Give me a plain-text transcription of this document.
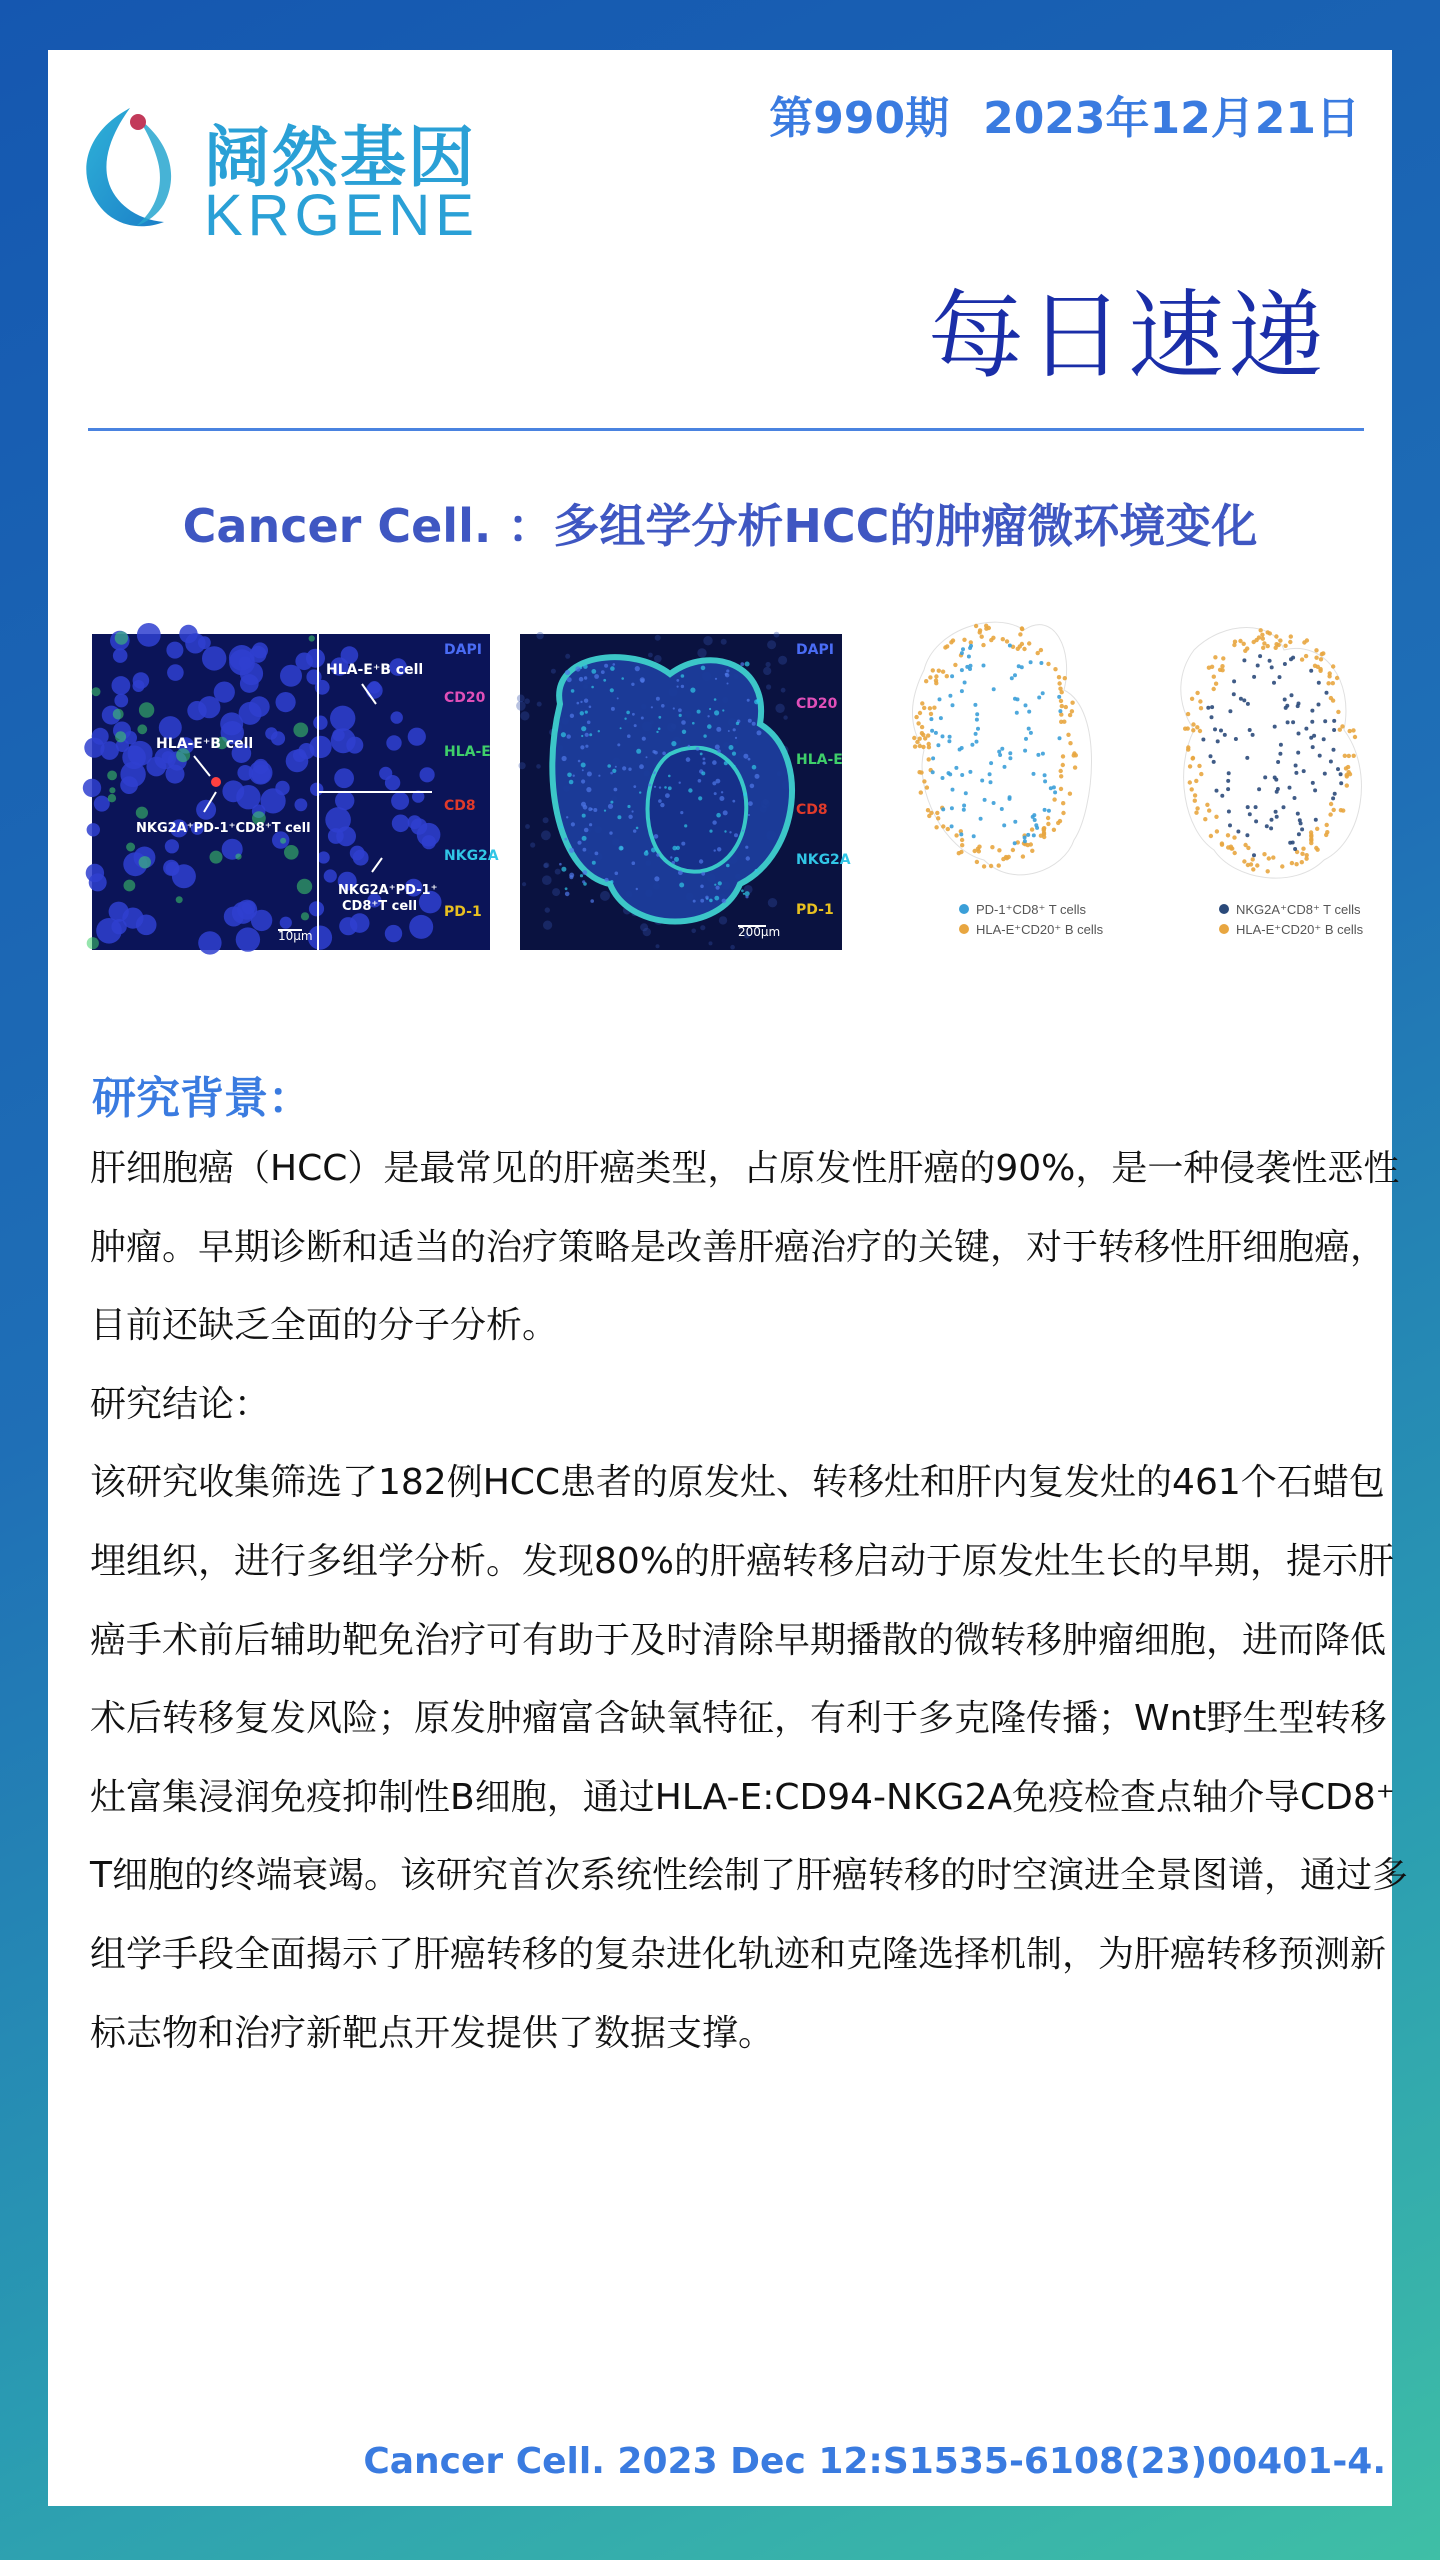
第990期 2023年12月21日
阔然基因
KRGENE
每日速递
Cancer Cell. ：多组学分析HCC的肿瘤微环境变化
HLA-E⁺B cell
HLA-E⁺B cell
NKG2A⁺PD-1⁺CD8⁺T cell
NKG2A⁺PD-1⁺
CD8⁺T cell
10μm
DAPI
CD20
HLA-E
CD8
NKG2A
PD-1
200μm
DAPI
CD20
HLA-E
CD8
NKG2A
PD-1	PD-1⁺CD8⁺ T cells
HLA-E⁺CD20⁺ B cells
NKG2A⁺CD8⁺ T cells
HLA-E⁺CD20⁺ B cells
研究背景：

肝细胞癌（HCC）是最常见的肝癌类型，占原发性肝癌的90%，是一种侵袭性恶性肿瘤。早期诊断和适当的治疗策略是改善肝癌治疗的关键，对于转移性肝细胞癌，目前还缺乏全面的分子分析。

研究结论：

该研究收集筛选了182例HCC患者的原发灶、转移灶和肝内复发灶的461个石蜡包埋组织，进行多组学分析。发现80%的肝癌转移启动于原发灶生长的早期，提示肝癌手术前后辅助靶免治疗可有助于及时清除早期播散的微转移肿瘤细胞，进而降低术后转移复发风险；原发肿瘤富含缺氧特征，有利于多克隆传播；Wnt野生型转移灶富集浸润免疫抑制性B细胞，通过HLA-E:CD94-NKG2A免疫检查点轴介导CD8⁺ T细胞的终端衰竭。该研究首次系统性绘制了肝癌转移的时空演进全景图谱，通过多组学手段全面揭示了肝癌转移的复杂进化轨迹和克隆选择机制，为肝癌转移预测新标志物和治疗新靶点开发提供了数据支撑。

Cancer Cell. 2023 Dec 12:S1535-6108(23)00401-4.
